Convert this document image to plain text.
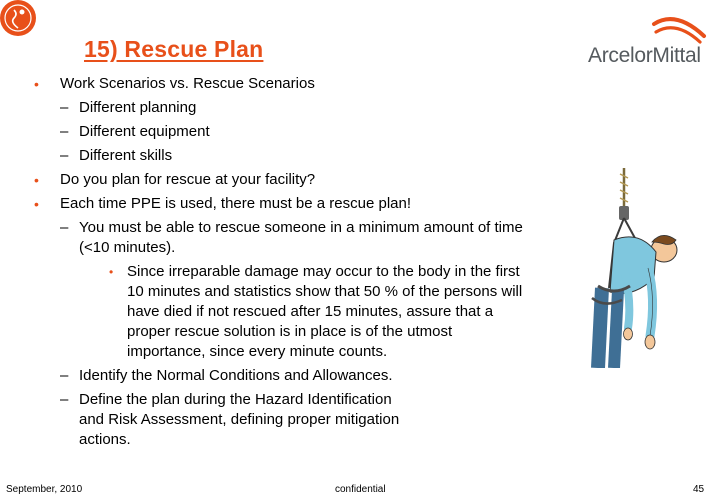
15) Rescue Plan	ArcelorMittal
• Work Scenarios vs. Rescue Scenarios
– Different planning
– Different equipment
– Different skills
• Do you plan for rescue at your facility?
• Each time PPE is used, there must be a rescue plan!
– You must be able to rescue someone in a minimum amount of time
(<10 minutes).
• Since irreparable damage may occur to the body in the first
10 minutes and statistics show that 50 % of the persons will
have died if not rescued after 15 minutes, assure that a
proper rescue solution is in place is of the utmost
importance, since every minute counts.
– Identify the Normal Conditions and Allowances.
– Define the plan during the Hazard Identification
and Risk Assessment, defining proper mitigation
actions.
September, 2010	confidential	45
